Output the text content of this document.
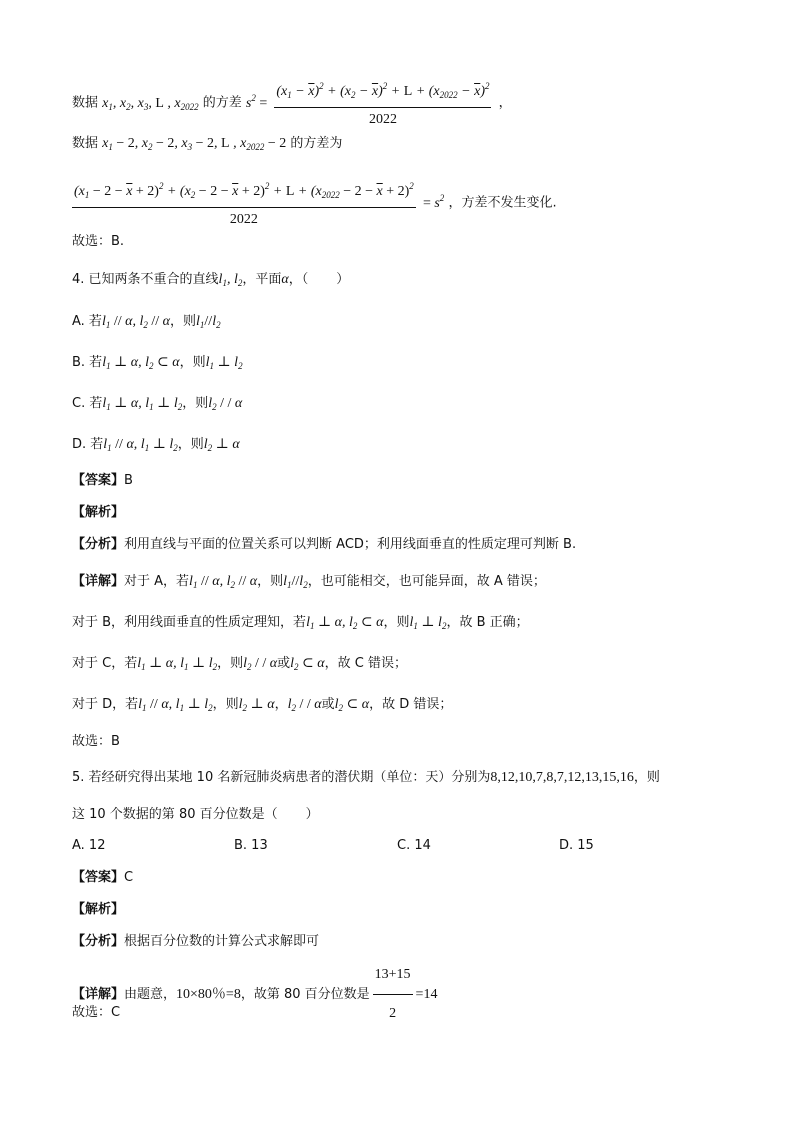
数据 $x_1$, $x_2$, $x_3$, L , $x_{2022}$ 的方差 $s^2 = \frac{(x_1 - \overline{x})^2 + (x_2 - \overline{x})^2 + L + (x_{2022} - \overline{x})^2}{2022}$ ，
数据 $x_1 - 2$, $x_2 - 2$, $x_3 - 2$, L , $x_{2022} - 2$ 的方差为
$(x_1 - 2 - \overline{x} + 2)^2 + (x_2 - 2 - \overline{x} + 2)^2 + L + (x_{2022} - 2 - \overline{x} + 2)^2$
2022
= $s^2$ ，方差不发生变化.
故选：B.
4. 已知两条不重合的直线$l_1$, $l_2$，平面α，（ ）
A. 若$l_1$ // α, $l_2$ // α，则$l_1//l_2$
B. 若$l_1$ ⊥ α, $l_2$ ⊂ α，则$l_1$ ⊥ $l_2$
C. 若$l_1$ ⊥ α, $l_1$ ⊥ $l_2$，则$l_2$ / / α
D. 若$l_1$ // α, $l_1$ ⊥ $l_2$，则$l_2$ ⊥ α
【答案】B
【解析】
【分析】利用直线与平面的位置关系可以判断 ACD；利用线面垂直的性质定理可判断 B.
【详解】对于 A，若$l_1$ // α, $l_2$ // α，则$l_1//l_2$，也可能相交，也可能异面，故 A 错误；
对于 B，利用线面垂直的性质定理知，若$l_1$ ⊥ α, $l_2$ ⊂ α，则$l_1$ ⊥ $l_2$，故 B 正确；
对于 C，若$l_1$ ⊥ α, $l_1$ ⊥ $l_2$，则$l_2$ / / α或$l_2$ ⊂ α，故 C 错误；
对于 D，若$l_1$ // α, $l_1$ ⊥ $l_2$，则$l_2$ ⊥ α，$l_2$ / / α或$l_2$ ⊂ α，故 D 错误；
故选：B
5. 若经研究得出某地 10 名新冠肺炎病患者的潜伏期（单位：天）分别为8,12,10,7,8,7,12,13,15,16，则
这 10 个数据的第 80 百分位数是（ ）
A. 12	B. 13	C. 14	D. 15
【答案】C
【解析】
【分析】根据百分位数的计算公式求解即可
【详解】由题意，10×80％=8，故第 80 百分位数是 $\frac{13+15}{2} =14$
故选：C
